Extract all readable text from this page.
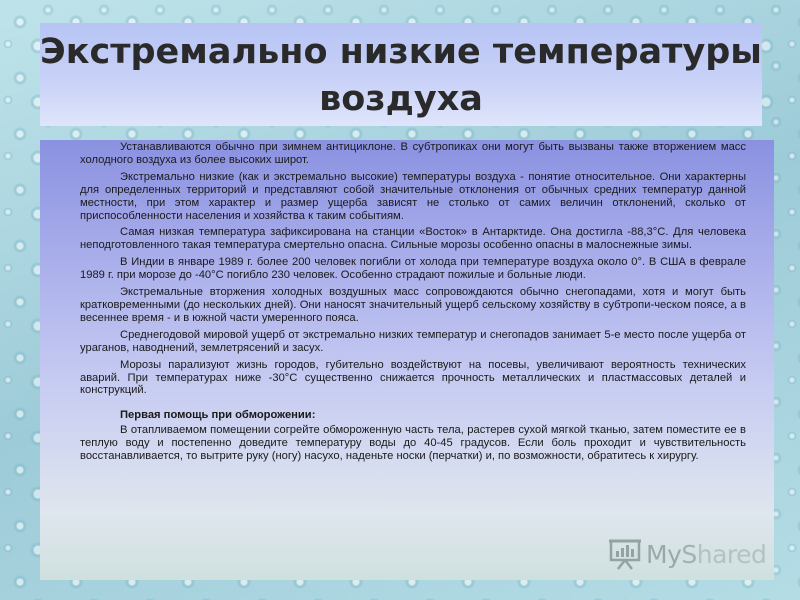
Экстремально низкие температуры воздуха

Устанавливаются обычно при зимнем антициклоне. В субтропиках они могут быть вызваны также вторжением масс холодного воздуха из более высоких широт.

Экстремально низкие (как и экстремально высокие) температуры воздуха - понятие относительное. Они характерны для определенных территорий и представляют собой значительные отклонения от обычных средних температур данной местности, при этом характер и размер ущерба зависят не столько от самих величин отклонений, сколько от приспособленности населения и хозяйства к таким событиям.

Самая низкая температура зафиксирована на станции «Восток» в Антарктиде. Она достигла -88,3°С. Для человека неподготовленного такая температура смертельно опасна. Сильные морозы особенно опасны в малоснежные зимы.

В Индии в январе 1989 г. более 200 человек погибли от холода при температуре воздуха около 0°. В США в феврале 1989 г. при морозе до -40°С погибло 230 человек. Особенно страдают пожилые и больные люди.

Экстремальные вторжения холодных воздушных масс сопровождаются обычно снегопадами, хотя и могут быть кратковременными (до нескольких дней). Они наносят значительный ущерб сельскому хозяйству в субтропи-ческом поясе, а в весеннее время - и в южной части умеренного пояса.

Среднегодовой мировой ущерб от экстремально низких температур и снегопадов занимает 5-е место после ущерба от ураганов, наводнений, землетрясений и засух.

Морозы парализуют жизнь городов, губительно воздействуют на посевы, увеличивают вероятность технических аварий. При температурах ниже -30°С существенно снижается прочность металлических и пластмассовых деталей и конструкций.

Первая помощь при обморожении:

В отапливаемом помещении согрейте обмороженную часть тела, растерев сухой мягкой тканью, затем поместите ее в теплую воду и постепенно доведите температуру воды до 40-45 градусов. Если боль проходит и чувствительность восстанавливается, то вытрите руку (ногу) насухо, наденьте носки (перчатки) и, по возможности, обратитесь к хирургу.

MyShared
